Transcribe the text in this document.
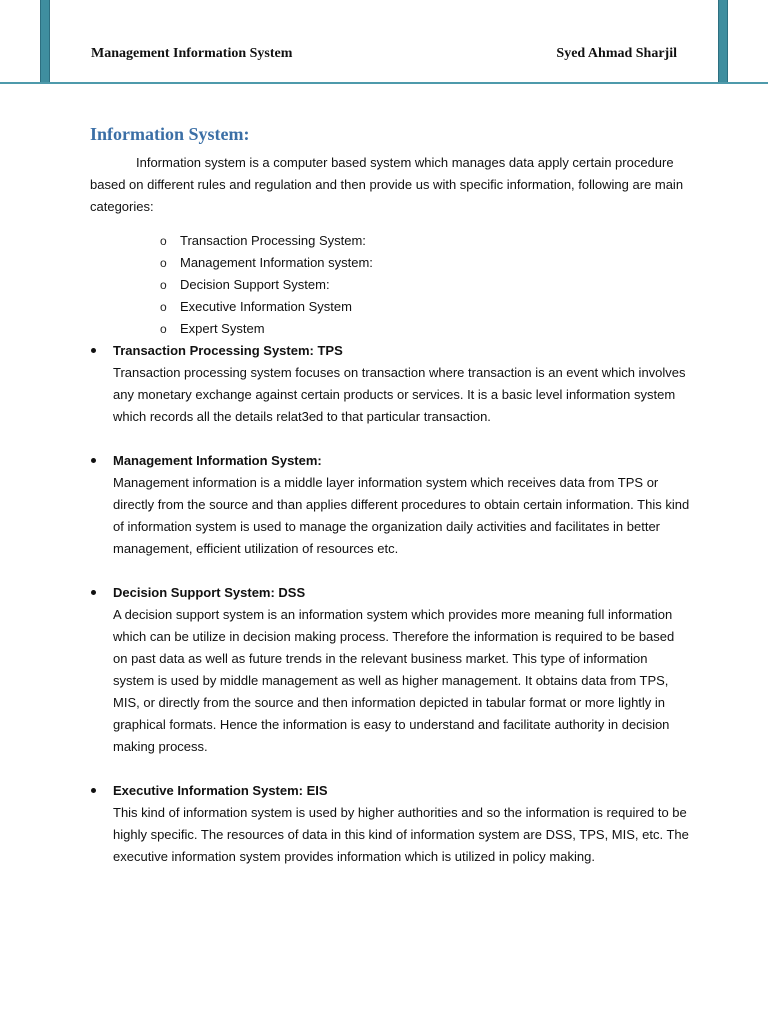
Management Information System	Syed Ahmad Sharjil
Information System:

Information system is a computer based system which manages data apply certain procedure based on different rules and regulation and then provide us with specific information, following are main categories:

o Transaction Processing System:
o Management Information system:
o Decision Support System:
o Executive Information System
o Expert System

Transaction Processing System: TPS

Transaction processing system focuses on transaction where transaction is an event which involves any monetary exchange against certain products or services. It is a basic level information system which records all the details relat3ed to that particular transaction.

Management Information System:

Management information is a middle layer information system which receives data from TPS or directly from the source and than applies different procedures to obtain certain information. This kind of information system is used to manage the organization daily activities and facilitates in better management, efficient utilization of resources etc.

Decision Support System: DSS

A decision support system is an information system which provides more meaning full information which can be utilize in decision making process. Therefore the information is required to be based on past data as well as future trends in the relevant business market. This type of information system is used by middle management as well as higher management. It obtains data from TPS, MIS, or directly from the source and then information depicted in tabular format or more lightly in graphical formats. Hence the information is easy to understand and facilitate authority in decision making process.

Executive Information System: EIS

This kind of information system is used by higher authorities and so the information is required to be highly specific. The resources of data in this kind of information system are DSS, TPS, MIS, etc. The executive information system provides information which is utilized in policy making.
